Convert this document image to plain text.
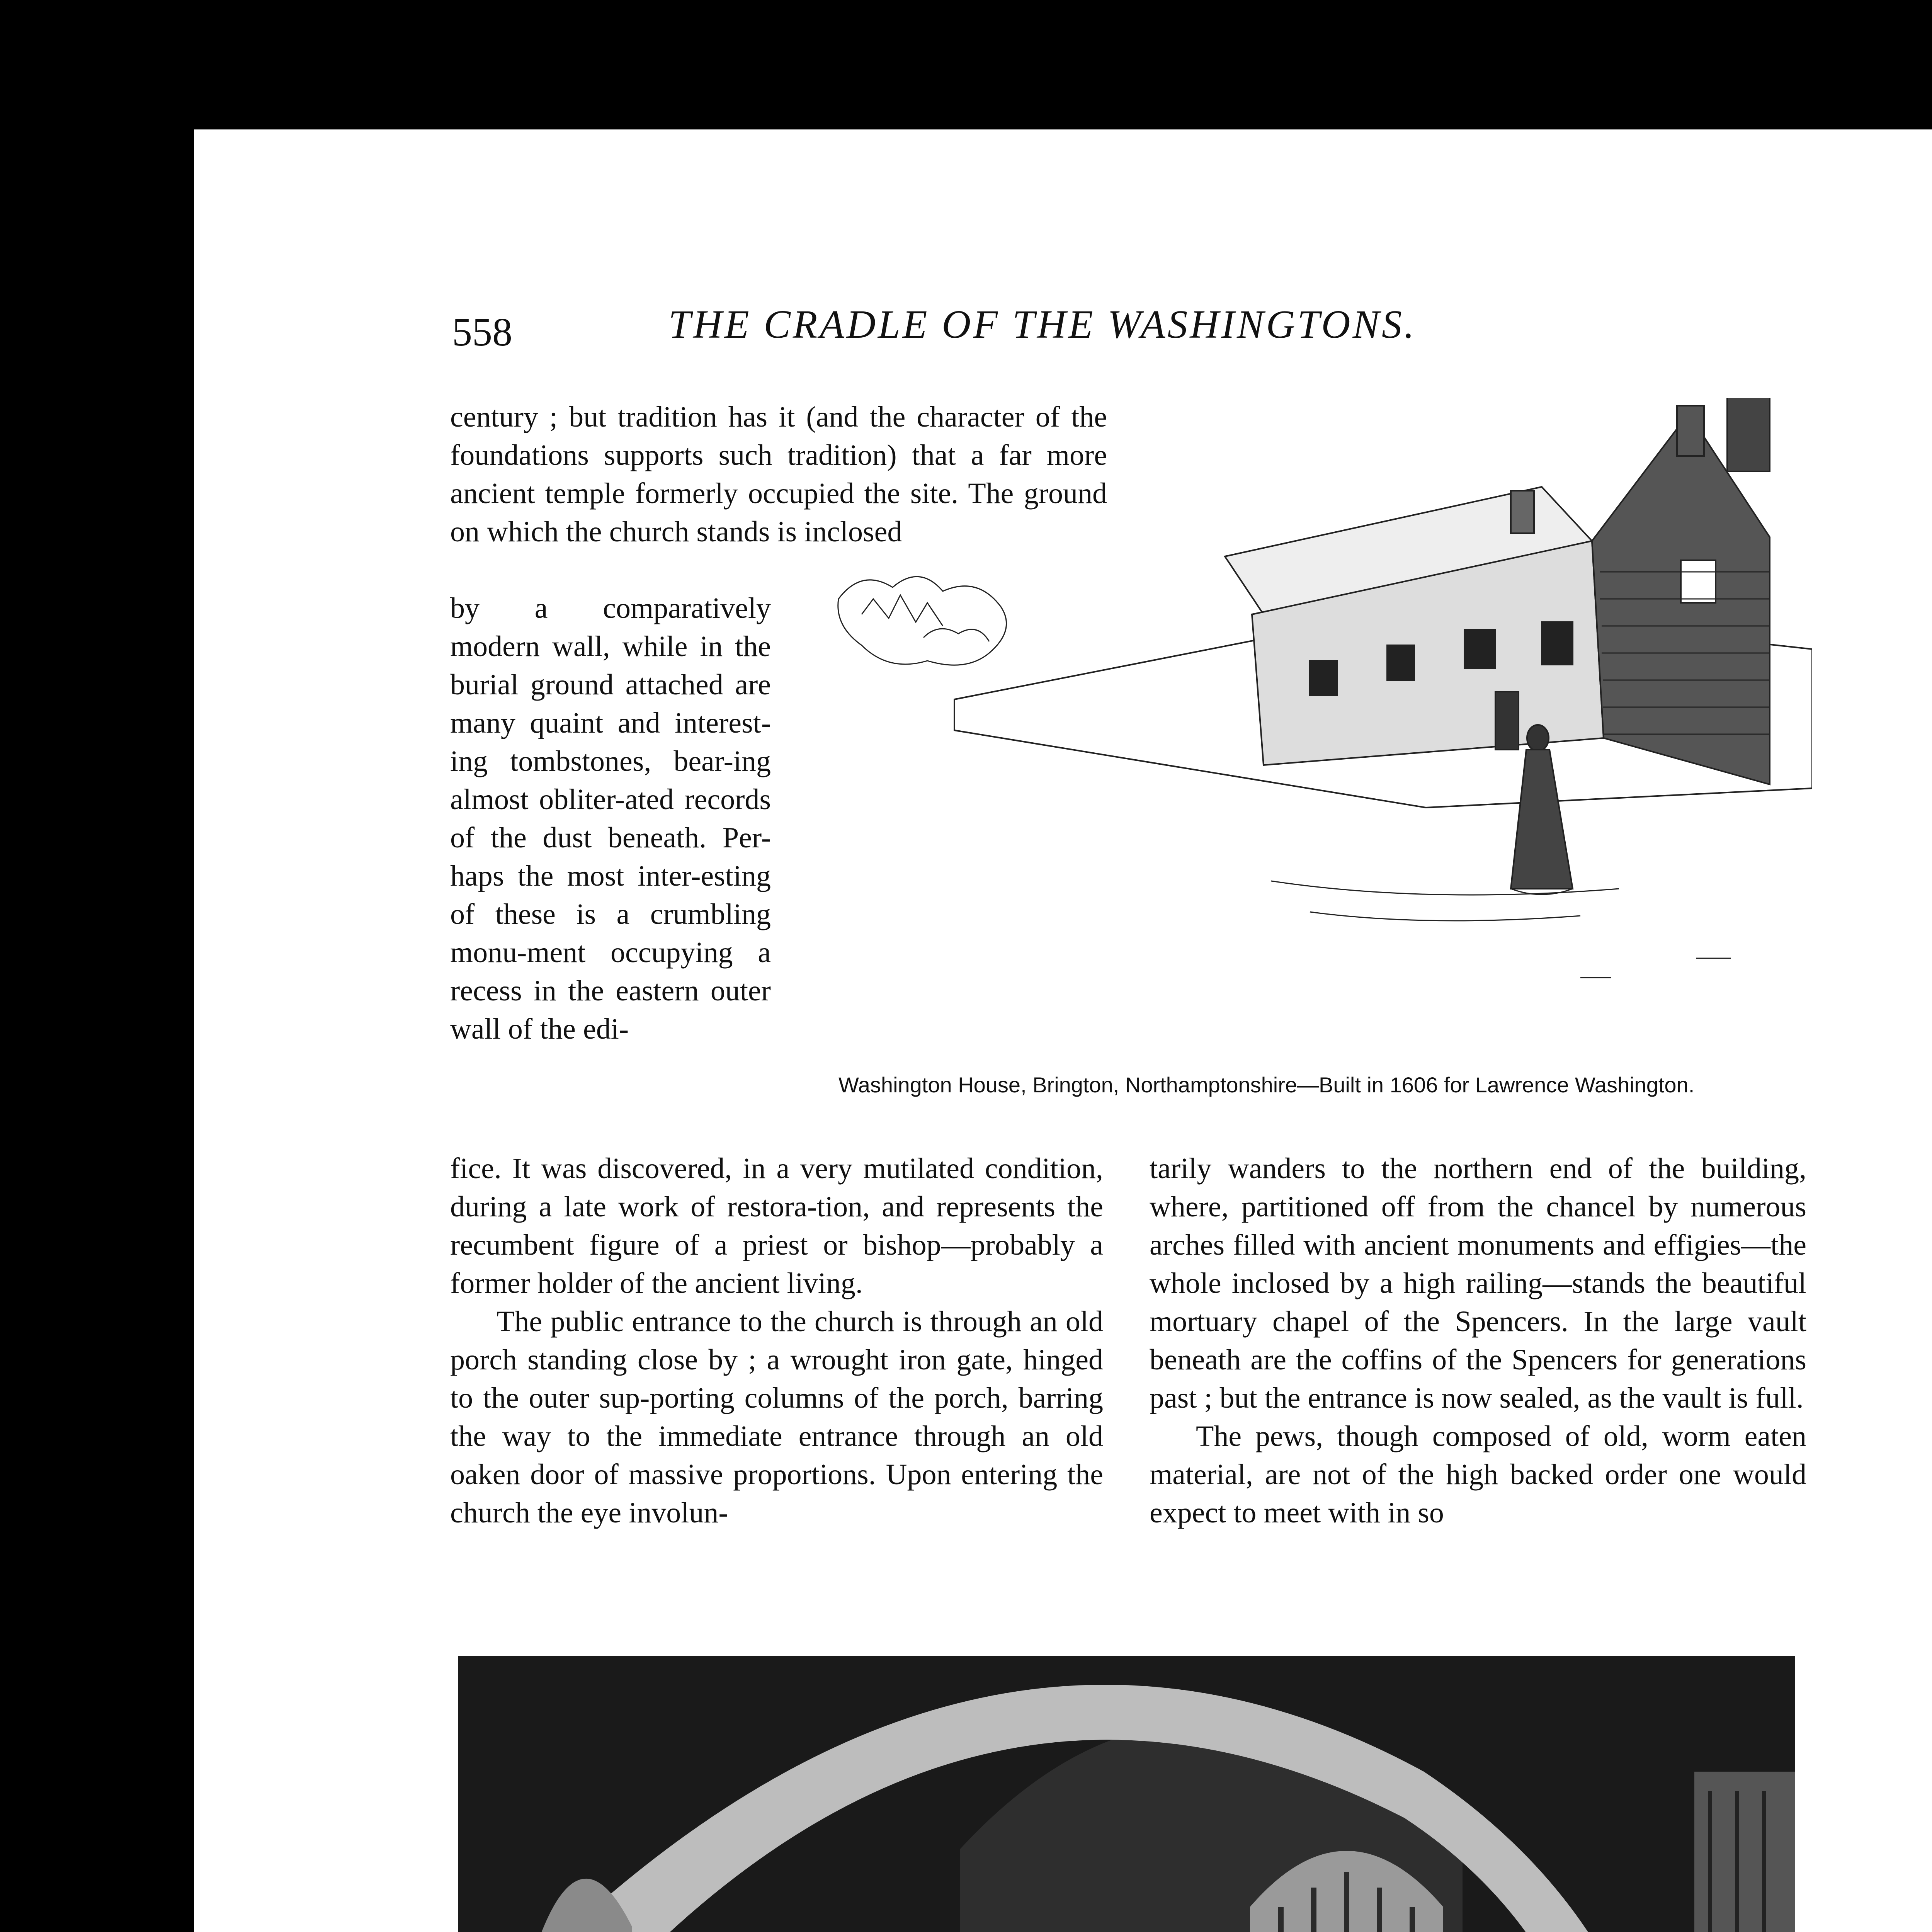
558	THE CRADLE OF THE WASHINGTONS.

century ; but tradition has it (and the character of the foundations supports such tradition) that a far more ancient temple formerly occupied the site. The ground on which the church stands is inclosed

by a comparatively modern wall, while in the burial ground attached are many quaint and interest-ing tombstones, bear-ing almost obliter-ated records of the dust beneath. Per-haps the most inter-esting of these is a crumbling monu-ment occupying a recess in the eastern outer wall of the edi-

Washington House, Brington, Northamptonshire—Built in 1606 for Lawrence Washington.

fice. It was discovered, in a very mutilated condition, during a late work of restora-tion, and represents the recumbent figure of a priest or bishop—probably a former holder of the ancient living.

The public entrance to the church is through an old porch standing close by ; a wrought iron gate, hinged to the outer sup-porting columns of the porch, barring the way to the immediate entrance through an old oaken door of massive proportions. Upon entering the church the eye involun-

tarily wanders to the northern end of the building, where, partitioned off from the chancel by numerous arches filled with ancient monuments and effigies—the whole inclosed by a high railing—stands the beautiful mortuary chapel of the Spencers. In the large vault beneath are the coffins of the Spencers for generations past ; but the entrance is now sealed, as the vault is full.

The pews, though composed of old, worm eaten material, are not of the high backed order one would expect to meet with in so
